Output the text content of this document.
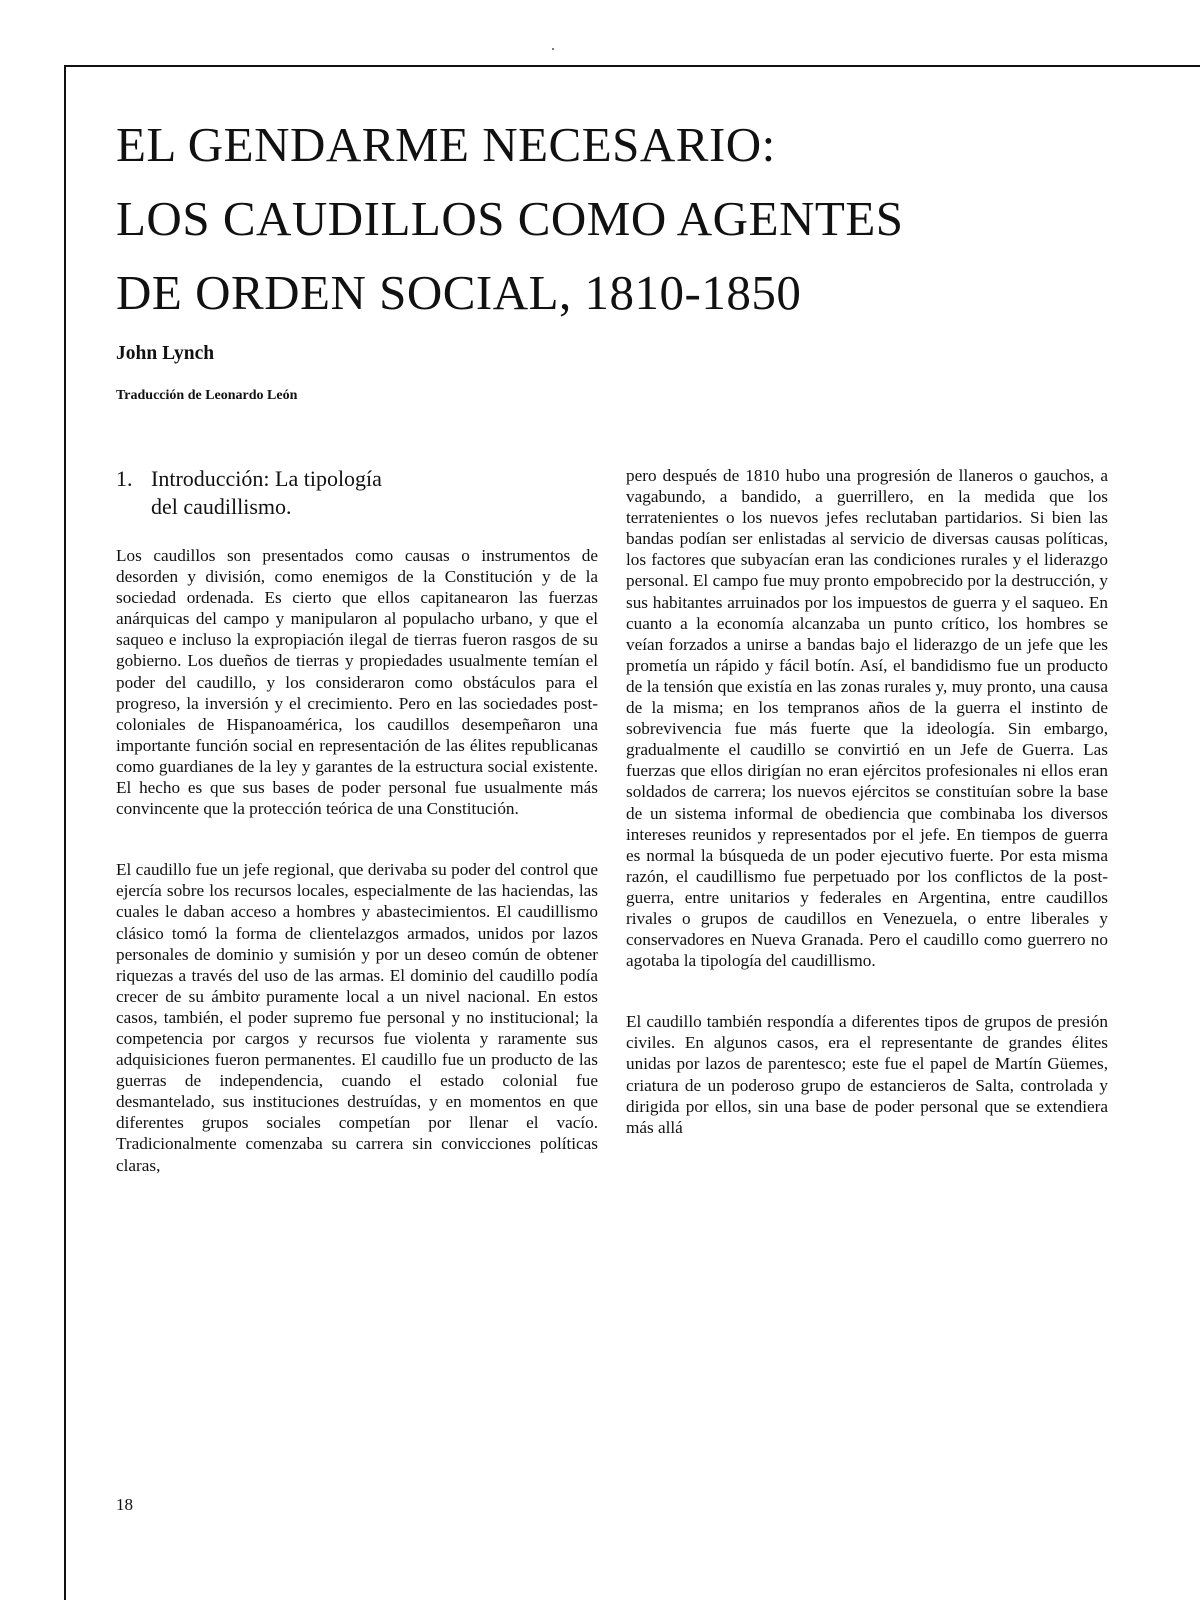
EL GENDARME NECESARIO:
LOS CAUDILLOS COMO AGENTES
DE ORDEN SOCIAL, 1810-1850

John Lynch

Traducción de Leonardo León

1. Introducción: La tipología
del caudillismo.

Los caudillos son presentados como causas o instrumentos de desorden y división, como enemigos de la Constitución y de la sociedad ordenada. Es cierto que ellos capitanearon las fuerzas anárquicas del campo y manipularon al populacho urbano, y que el saqueo e incluso la expropiación ilegal de tierras fueron rasgos de su gobierno. Los dueños de tierras y propiedades usualmente temían el poder del caudillo, y los consideraron como obstáculos para el progreso, la inversión y el crecimiento. Pero en las sociedades post-coloniales de Hispanoamérica, los caudillos desempeñaron una importante función social en representación de las élites republicanas como guardianes de la ley y garantes de la estructura social existente. El hecho es que sus bases de poder personal fue usualmente más convincente que la protección teórica de una Constitución.

El caudillo fue un jefe regional, que derivaba su poder del control que ejercía sobre los recursos locales, especialmente de las haciendas, las cuales le daban acceso a hombres y abastecimientos. El caudillismo clásico tomó la forma de clientelazgos armados, unidos por lazos personales de dominio y sumisión y por un deseo común de obtener riquezas a través del uso de las armas. El dominio del caudillo podía crecer de su ámbito puramente local a un nivel nacional. En estos casos, también, el poder supremo fue personal y no institucional; la competencia por cargos y recursos fue violenta y raramente sus adquisiciones fueron permanentes. El caudillo fue un producto de las guerras de independencia, cuando el estado colonial fue desmantelado, sus instituciones destruídas, y en momentos en que diferentes grupos sociales competían por llenar el vacío. Tradicionalmente comenzaba su carrera sin convicciones políticas claras,

pero después de 1810 hubo una progresión de llaneros o gauchos, a vagabundo, a bandido, a guerrillero, en la medida que los terratenientes o los nuevos jefes reclutaban partidarios. Si bien las bandas podían ser enlistadas al servicio de diversas causas políticas, los factores que subyacían eran las condiciones rurales y el liderazgo personal. El campo fue muy pronto empobrecido por la destrucción, y sus habitantes arruinados por los impuestos de guerra y el saqueo. En cuanto a la economía alcanzaba un punto crítico, los hombres se veían forzados a unirse a bandas bajo el liderazgo de un jefe que les prometía un rápido y fácil botín. Así, el bandidismo fue un producto de la tensión que existía en las zonas rurales y, muy pronto, una causa de la misma; en los tempranos años de la guerra el instinto de sobrevivencia fue más fuerte que la ideología. Sin embargo, gradualmente el caudillo se convirtió en un Jefe de Guerra. Las fuerzas que ellos dirigían no eran ejércitos profesionales ni ellos eran soldados de carrera; los nuevos ejércitos se constituían sobre la base de un sistema informal de obediencia que combinaba los diversos intereses reunidos y representados por el jefe. En tiempos de guerra es normal la búsqueda de un poder ejecutivo fuerte. Por esta misma razón, el caudillismo fue perpetuado por los conflictos de la post-guerra, entre unitarios y federales en Argentina, entre caudillos rivales o grupos de caudillos en Venezuela, o entre liberales y conservadores en Nueva Granada. Pero el caudillo como guerrero no agotaba la tipología del caudillismo.

El caudillo también respondía a diferentes tipos de grupos de presión civiles. En algunos casos, era el representante de grandes élites unidas por lazos de parentesco; este fue el papel de Martín Güemes, criatura de un poderoso grupo de estancieros de Salta, controlada y dirigida por ellos, sin una base de poder personal que se extendiera más allá

18
